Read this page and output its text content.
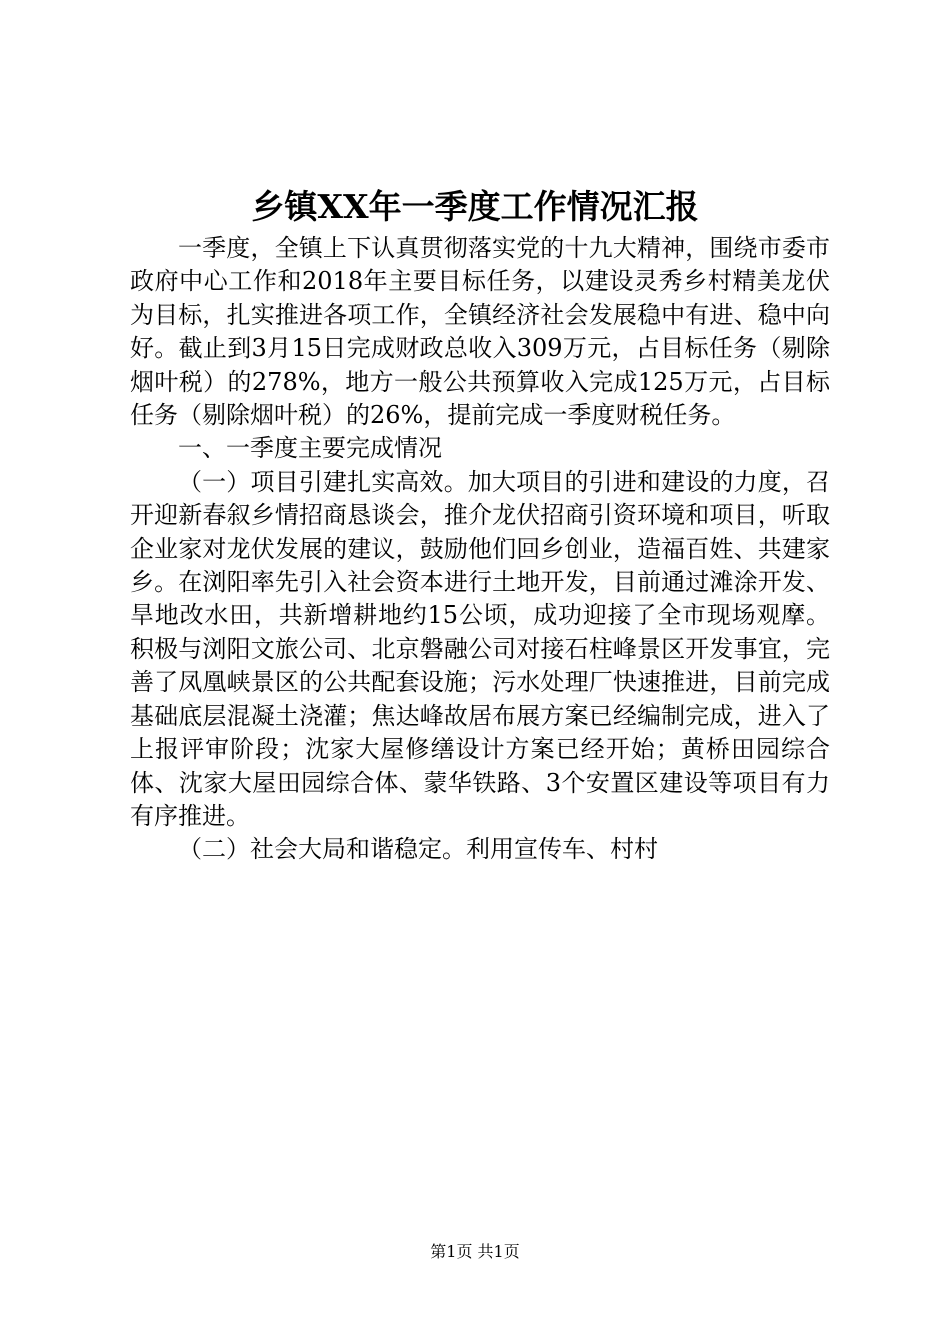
乡镇XX年一季度工作情况汇报

一季度，全镇上下认真贯彻落实党的十九大精神，围绕市委市政府中心工作和2018年主要目标任务，以建设灵秀乡村精美龙伏为目标，扎实推进各项工作，全镇经济社会发展稳中有进、稳中向好。截止到3月15日完成财政总收入309万元，占目标任务（剔除烟叶税）的278%，地方一般公共预算收入完成125万元，占目标任务（剔除烟叶税）的26%，提前完成一季度财税任务。

一、一季度主要完成情况

（一）项目引建扎实高效。加大项目的引进和建设的力度，召开迎新春叙乡情招商恳谈会，推介龙伏招商引资环境和项目，听取企业家对龙伏发展的建议，鼓励他们回乡创业，造福百姓、共建家乡。在浏阳率先引入社会资本进行土地开发，目前通过滩涂开发、旱地改水田，共新增耕地约15公顷，成功迎接了全市现场观摩。积极与浏阳文旅公司、北京磐融公司对接石柱峰景区开发事宜，完善了凤凰峡景区的公共配套设施；污水处理厂快速推进，目前完成基础底层混凝土浇灌；焦达峰故居布展方案已经编制完成，进入了上报评审阶段；沈家大屋修缮设计方案已经开始；黄桥田园综合体、沈家大屋田园综合体、蒙华铁路、3个安置区建设等项目有力有序推进。

（二）社会大局和谐稳定。利用宣传车、村村

第1页 共1页
